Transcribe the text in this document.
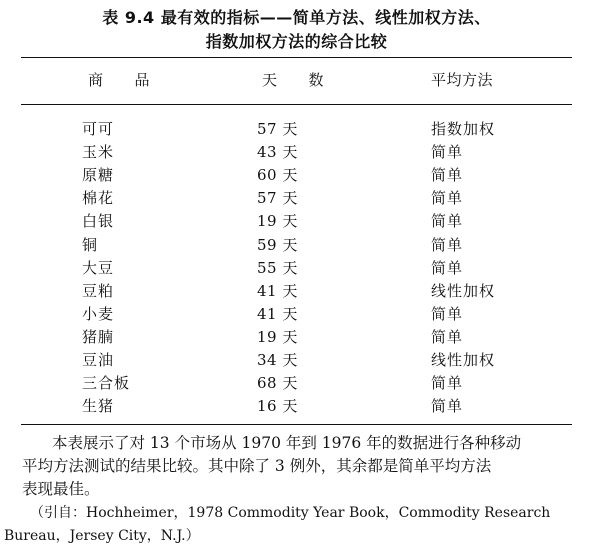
表 9.4 最有效的指标——简单方法、线性加权方法、
指数加权方法的综合比较
商　　品	天　　数	平均方法
可可	57 天	指数加权
玉米	43 天	简单
原糖	60 天	简单
棉花	57 天	简单
白银	19 天	简单
铜	59 天	简单
大豆	55 天	简单
豆粕	41 天	线性加权
小麦	41 天	简单
猪腩	19 天	简单
豆油	34 天	线性加权
三合板	68 天	简单
生猪	16 天	简单
本表展示了对 13 个市场从 1970 年到 1976 年的数据进行各种移动
平均方法测试的结果比较。其中除了 3 例外，其余都是简单平均方法
表现最佳。
（引自：Hochheimer，1978 Commodity Year Book，Commodity Research
Bureau，Jersey City，N.J.）
